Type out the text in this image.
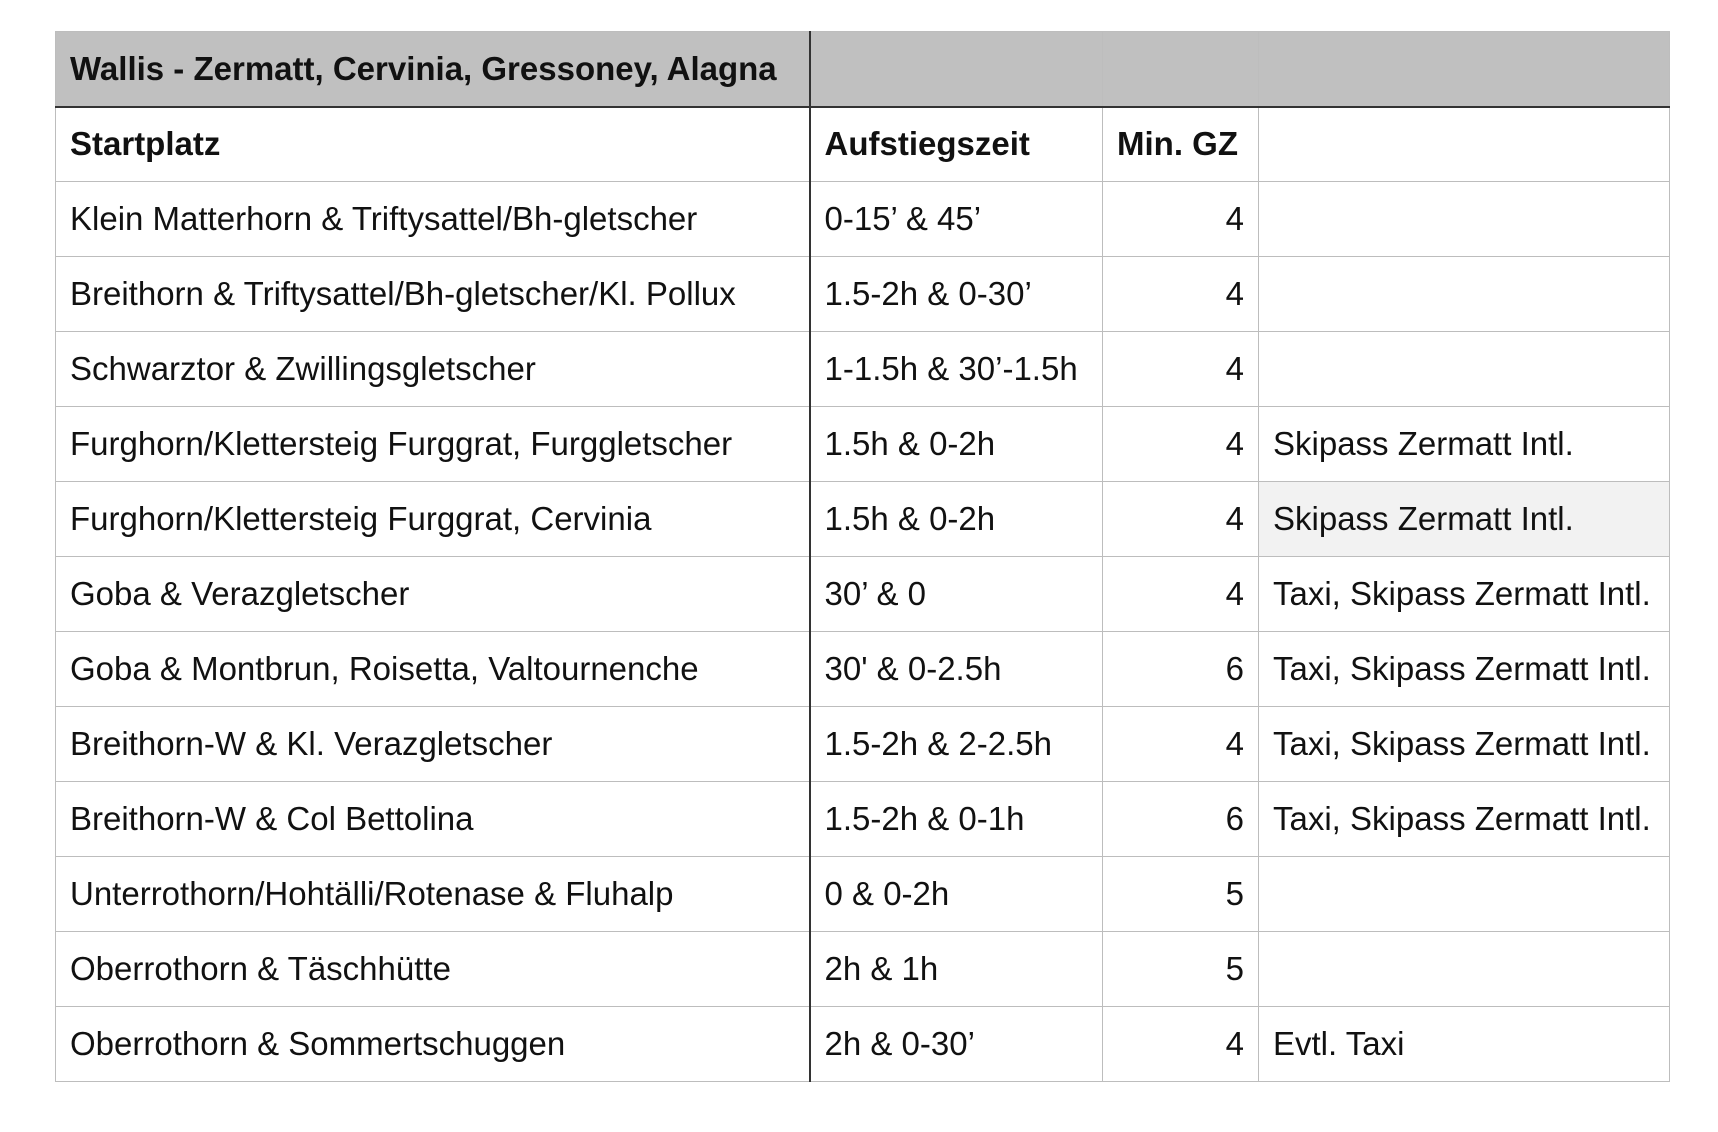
Wallis - Zermatt, Cervinia, Gressoney, Alagna			
Startplatz	Aufstiegszeit	Min. GZ	
Klein Matterhorn & Triftysattel/Bh-gletscher	0-15’ & 45’	4	
Breithorn & Triftysattel/Bh-gletscher/Kl. Pollux	1.5-2h & 0-30’	4	
Schwarztor & Zwillingsgletscher	1-1.5h & 30’-1.5h	4	
Furghorn/Klettersteig Furggrat, Furggletscher	1.5h & 0-2h	4	Skipass Zermatt Intl.
Furghorn/Klettersteig Furggrat, Cervinia	1.5h & 0-2h	4	Skipass Zermatt Intl.
Goba & Verazgletscher	30’ & 0	4	Taxi, Skipass Zermatt Intl.
Goba & Montbrun, Roisetta, Valtournenche	30' & 0-2.5h	6	Taxi, Skipass Zermatt Intl.
Breithorn-W & Kl. Verazgletscher	1.5-2h & 2-2.5h	4	Taxi, Skipass Zermatt Intl.
Breithorn-W & Col Bettolina	1.5-2h & 0-1h	6	Taxi, Skipass Zermatt Intl.
Unterrothorn/Hohtälli/Rotenase & Fluhalp	0 & 0-2h	5	
Oberrothorn & Täschhütte	2h & 1h	5	
Oberrothorn & Sommertschuggen	2h & 0-30’	4	Evtl. Taxi
